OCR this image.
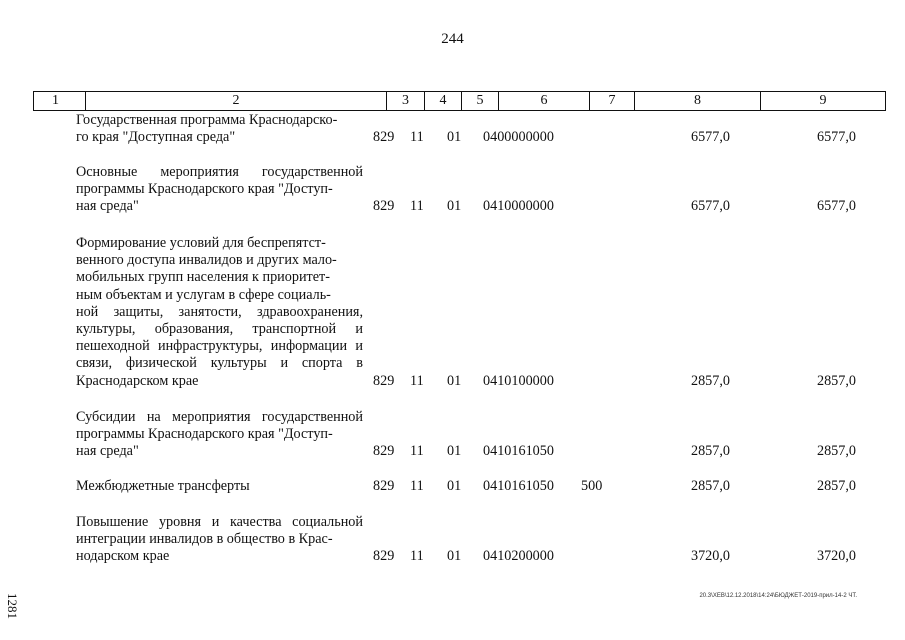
244
1	2	3	4	5	6	7	8	9
Государственная программа Краснодарско-
го края "Доступная среда"	829 11 01 0400000000	6577,0	6577,0
Основные мероприятия государственной программы Краснодарского края "Доступ-
ная среда"	829 11 01 0410000000	6577,0	6577,0
Формирование условий для беспрепятст-
венного доступа инвалидов и других мало-
мобильных групп населения к приоритет-
ным объектам и услугам в сфере социаль-
ной защиты, занятости, здравоохранения, культуры, образования, транспортной и пешеходной инфраструктуры, информации и связи, физической культуры и спорта в Краснодарском крае	829 11 01 0410100000	2857,0	2857,0
Субсидии на мероприятия государственной программы Краснодарского края "Доступ-
ная среда"	829 11 01 0410161050	2857,0	2857,0
Межбюджетные трансферты	829 11 01 0410161050 500	2857,0	2857,0
Повышение уровня и качества социальной интеграции инвалидов в общество в Крас-
нодарском крае	829 11 01 0410200000	3720,0	3720,0
20.3\ХЕВ\12.12.2018\14:24\БЮДЖЕТ-2019-прил-14-2 ЧТ.
1281
